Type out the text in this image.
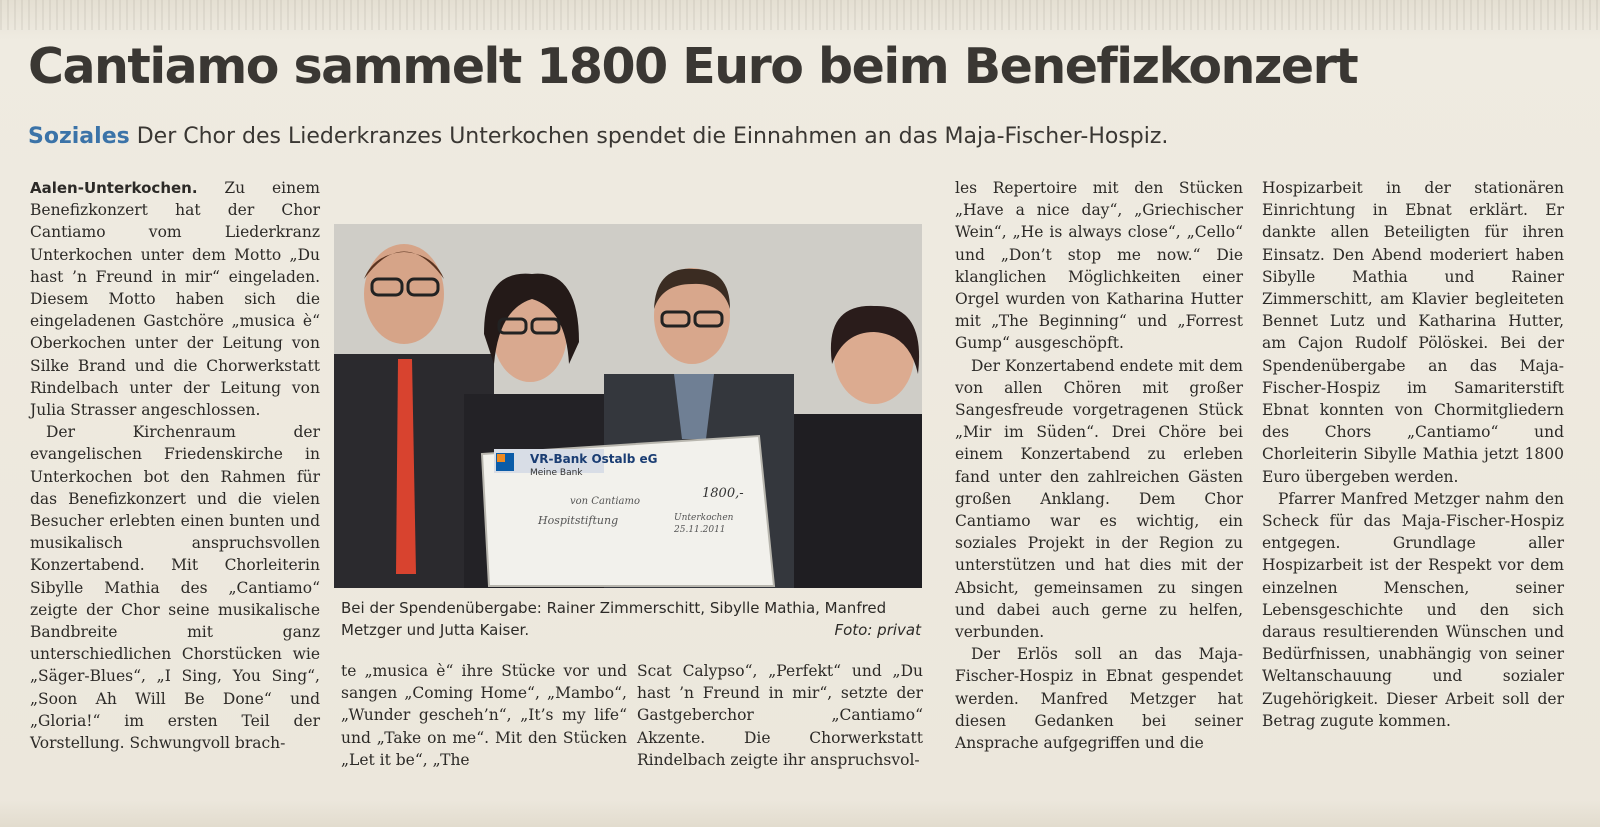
Cantiamo sammelt 1800 Euro beim Benefizkonzert
Soziales Der Chor des Liederkranzes Unterkochen spendet die Einnahmen an das Maja-Fischer-Hospiz.

Aalen-Unterkochen. Zu einem Benefizkonzert hat der Chor Cantiamo vom Liederkranz Unterkochen unter dem Motto „Du hast ’n Freund in mir“ eingeladen. Diesem Motto haben sich die eingeladenen Gastchöre „musica è“ Oberkochen unter der Leitung von Silke Brand und die Chorwerkstatt Rindelbach unter der Leitung von Julia Strasser angeschlossen.

Der Kirchenraum der evangelischen Friedenskirche in Unterkochen bot den Rahmen für das Benefizkonzert und die vielen Besucher erlebten einen bunten und musikalisch anspruchsvollen Konzertabend. Mit Chorleiterin Sibylle Mathia des „Cantiamo“ zeigte der Chor seine musikalische Bandbreite mit ganz unterschiedlichen Chorstücken wie „Säger-Blues“, „I Sing, You Sing“, „Soon Ah Will Be Done“ und „Gloria!“ im ersten Teil der Vorstellung. Schwungvoll brach-

VR-Bank Ostalb eG
Meine Bank
von Cantiamo
1800,-
Hospitstiftung	Unterkochen 25.11.2011
Bei der Spendenübergabe: Rainer Zimmerschitt, Sibylle Mathia, Manfred Metzger und Jutta Kaiser.	Foto: privat

te „musica è“ ihre Stücke vor und sangen „Coming Home“, „Mambo“, „Wunder gescheh’n“, „It’s my life“ und „Take on me“. Mit den Stücken „Let it be“, „The

Scat Calypso“, „Perfekt“ und „Du hast ’n Freund in mir“, setzte der Gastgeberchor „Cantiamo“ Akzente. Die Chorwerkstatt Rindelbach zeigte ihr anspruchsvol-

les Repertoire mit den Stücken „Have a nice day“, „Griechischer Wein“, „He is always close“, „Cello“ und „Don’t stop me now.“ Die klanglichen Möglichkeiten einer Orgel wurden von Katharina Hutter mit „The Beginning“ und „Forrest Gump“ ausgeschöpft.

Der Konzertabend endete mit dem von allen Chören mit großer Sangesfreude vorgetragenen Stück „Mir im Süden“. Drei Chöre bei einem Konzertabend zu erleben fand unter den zahlreichen Gästen großen Anklang. Dem Chor Cantiamo war es wichtig, ein soziales Projekt in der Region zu unterstützen und hat dies mit der Absicht, gemeinsamen zu singen und dabei auch gerne zu helfen, verbunden.

Der Erlös soll an das Maja-Fischer-Hospiz in Ebnat gespendet werden. Manfred Metzger hat diesen Gedanken bei seiner Ansprache aufgegriffen und die

Hospizarbeit in der stationären Einrichtung in Ebnat erklärt. Er dankte allen Beteiligten für ihren Einsatz. Den Abend moderiert haben Sibylle Mathia und Rainer Zimmerschitt, am Klavier begleiteten Bennet Lutz und Katharina Hutter, am Cajon Rudolf Pölöskei. Bei der Spendenübergabe an das Maja-Fischer-Hospiz im Samariterstift Ebnat konnten von Chormitgliedern des Chors „Cantiamo“ und Chorleiterin Sibylle Mathia jetzt 1800 Euro übergeben werden.

Pfarrer Manfred Metzger nahm den Scheck für das Maja-Fischer-Hospiz entgegen. Grundlage aller Hospizarbeit ist der Respekt vor dem einzelnen Menschen, seiner Lebensgeschichte und den sich daraus resultierenden Wünschen und Bedürfnissen, unabhängig von seiner Weltanschauung und sozialer Zugehörigkeit. Dieser Arbeit soll der Betrag zugute kommen.
